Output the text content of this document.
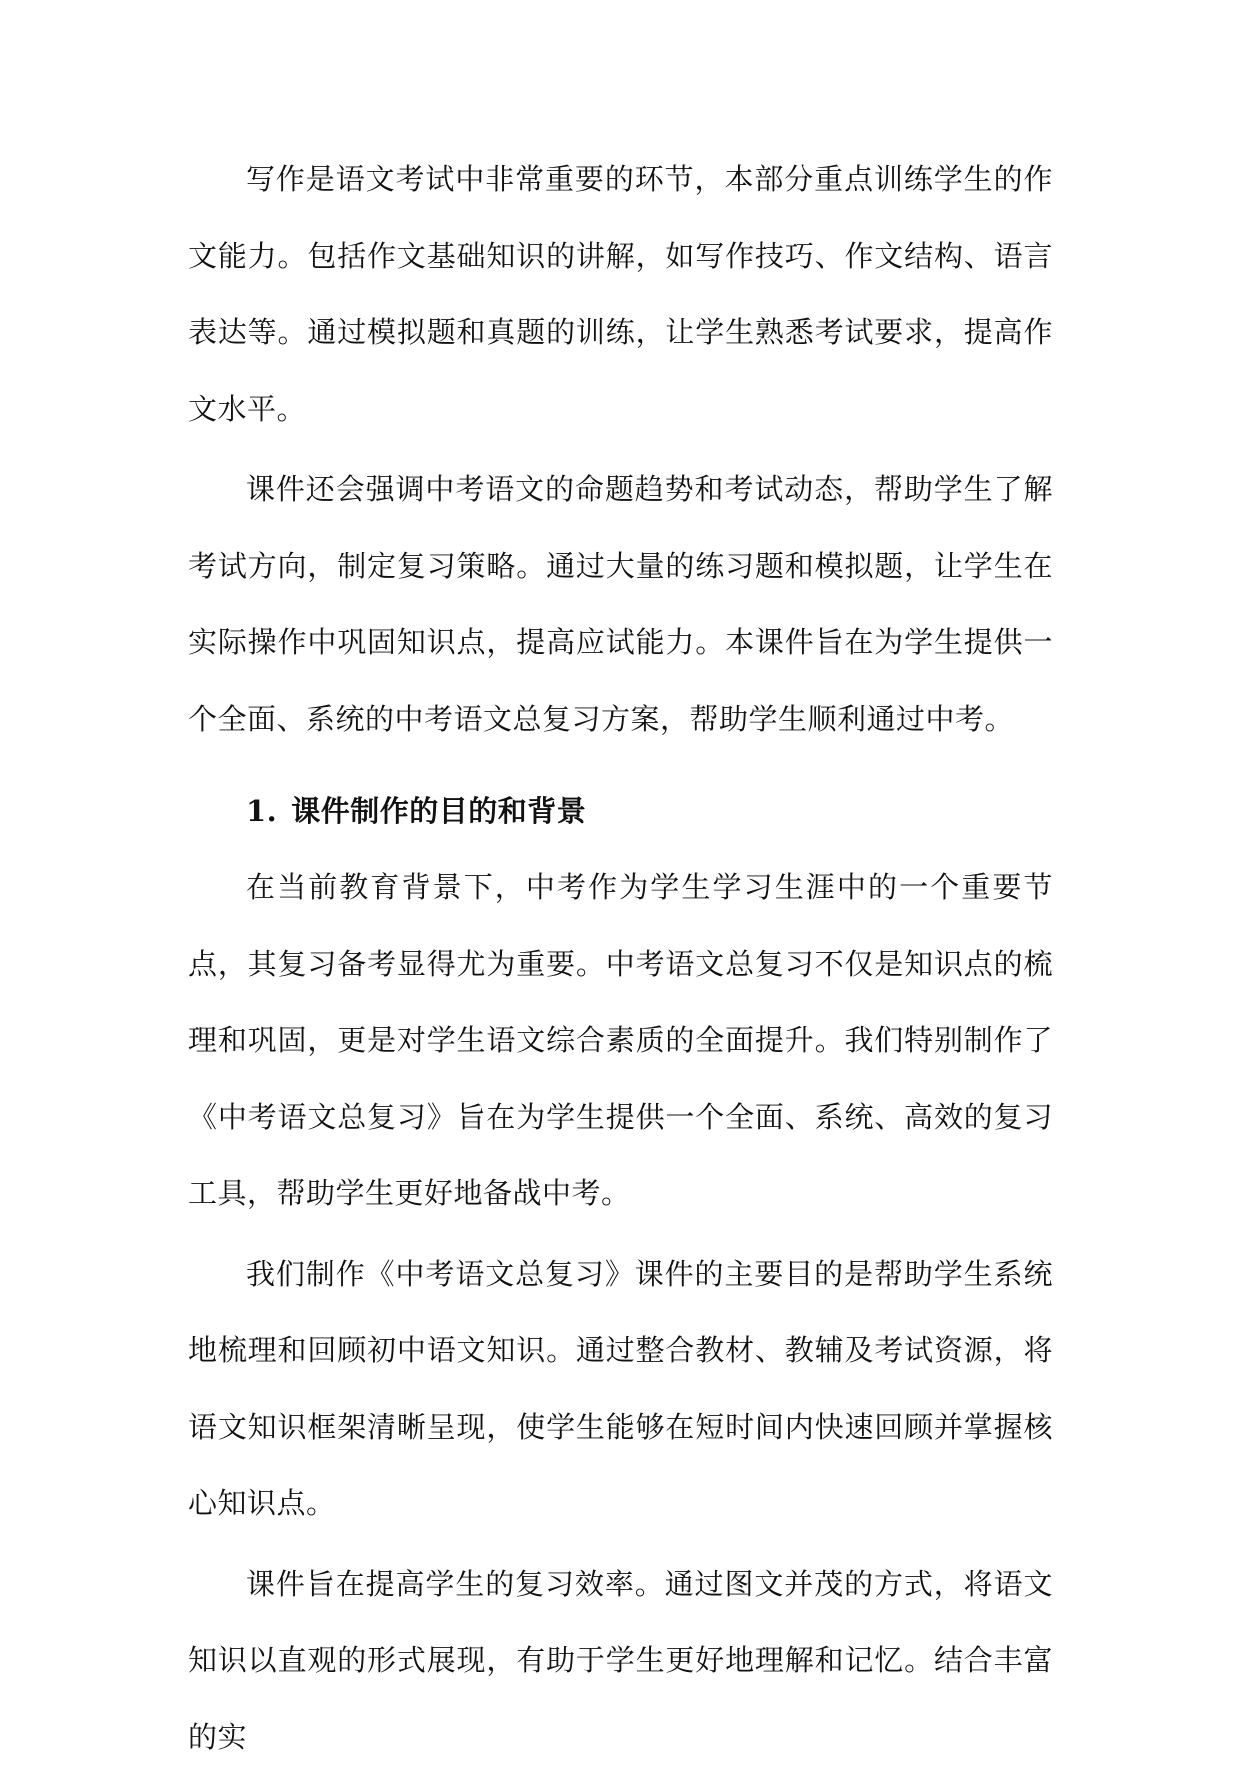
写作是语文考试中非常重要的环节，本部分重点训练学生的作文能力。包括作文基础知识的讲解，如写作技巧、作文结构、语言表达等。通过模拟题和真题的训练，让学生熟悉考试要求，提高作文水平。

课件还会强调中考语文的命题趋势和考试动态，帮助学生了解考试方向，制定复习策略。通过大量的练习题和模拟题，让学生在实际操作中巩固知识点，提高应试能力。本课件旨在为学生提供一个全面、系统的中考语文总复习方案，帮助学生顺利通过中考。

1. 课件制作的目的和背景

在当前教育背景下，中考作为学生学习生涯中的一个重要节点，其复习备考显得尤为重要。中考语文总复习不仅是知识点的梳理和巩固，更是对学生语文综合素质的全面提升。我们特别制作了《中考语文总复习》旨在为学生提供一个全面、系统、高效的复习工具，帮助学生更好地备战中考。

我们制作《中考语文总复习》课件的主要目的是帮助学生系统地梳理和回顾初中语文知识。通过整合教材、教辅及考试资源，将语文知识框架清晰呈现，使学生能够在短时间内快速回顾并掌握核心知识点。

课件旨在提高学生的复习效率。通过图文并茂的方式，将语文知识以直观的形式展现，有助于学生更好地理解和记忆。结合丰富的实
